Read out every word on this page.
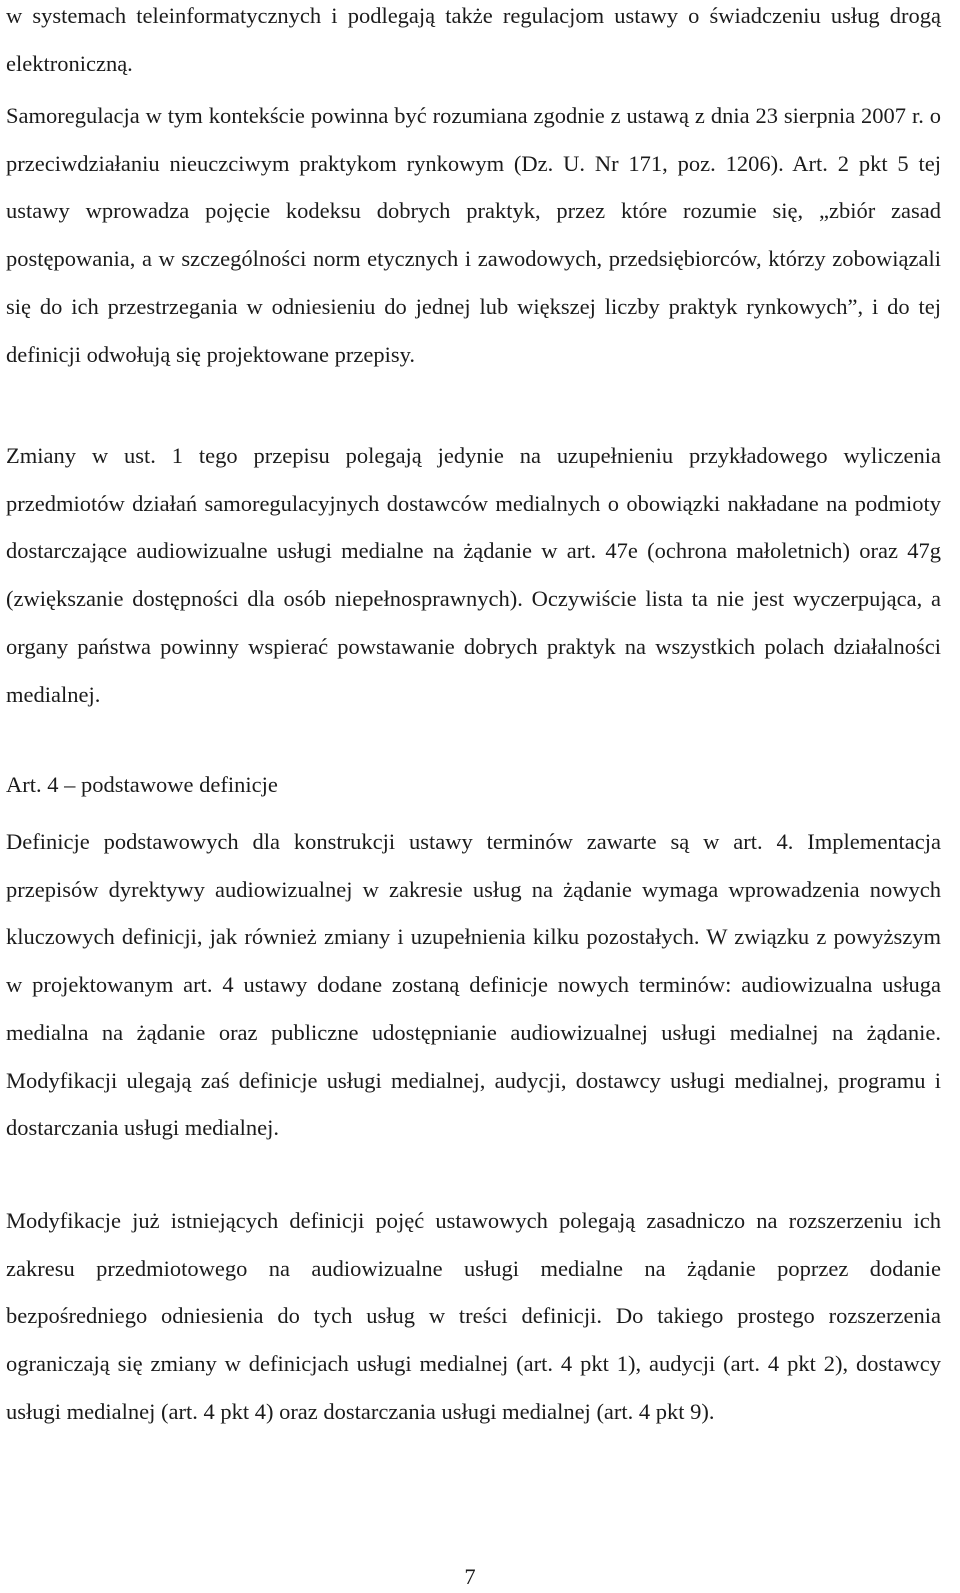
w systemach teleinformatycznych i podlegają także regulacjom ustawy o świadczeniu usług drogą elektroniczną.

Samoregulacja w tym kontekście powinna być rozumiana zgodnie z ustawą z dnia 23 sierpnia 2007 r. o przeciwdziałaniu nieuczciwym praktykom rynkowym (Dz. U. Nr 171, poz. 1206). Art. 2 pkt 5 tej ustawy wprowadza pojęcie kodeksu dobrych praktyk, przez które rozumie się, „zbiór zasad postępowania, a w szczególności norm etycznych i zawodowych, przedsiębiorców, którzy zobowiązali się do ich przestrzegania w odniesieniu do jednej lub większej liczby praktyk rynkowych”, i do tej definicji odwołują się projektowane przepisy.

Zmiany w ust. 1 tego przepisu polegają jedynie na uzupełnieniu przykładowego wyliczenia przedmiotów działań samoregulacyjnych dostawców medialnych o obowiązki nakładane na podmioty dostarczające audiowizualne usługi medialne na żądanie w art. 47e (ochrona małoletnich) oraz 47g (zwiększanie dostępności dla osób niepełnosprawnych). Oczywiście lista ta nie jest wyczerpująca, a organy państwa powinny wspierać powstawanie dobrych praktyk na wszystkich polach działalności medialnej.

Art. 4 – podstawowe definicje

Definicje podstawowych dla konstrukcji ustawy terminów zawarte są w art. 4. Implementacja przepisów dyrektywy audiowizualnej w zakresie usług na żądanie wymaga wprowadzenia nowych kluczowych definicji, jak również zmiany i uzupełnienia kilku pozostałych. W związku z powyższym w projektowanym art. 4 ustawy dodane zostaną definicje nowych terminów: audiowizualna usługa medialna na żądanie oraz publiczne udostępnianie audiowizualnej usługi medialnej na żądanie. Modyfikacji ulegają zaś definicje usługi medialnej, audycji, dostawcy usługi medialnej, programu i dostarczania usługi medialnej.

Modyfikacje już istniejących definicji pojęć ustawowych polegają zasadniczo na rozszerzeniu ich zakresu przedmiotowego na audiowizualne usługi medialne na żądanie poprzez dodanie bezpośredniego odniesienia do tych usług w treści definicji. Do takiego prostego rozszerzenia ograniczają się zmiany w definicjach usługi medialnej (art. 4 pkt 1), audycji (art. 4 pkt 2), dostawcy usługi medialnej (art. 4 pkt 4) oraz dostarczania usługi medialnej (art. 4 pkt 9).

7
